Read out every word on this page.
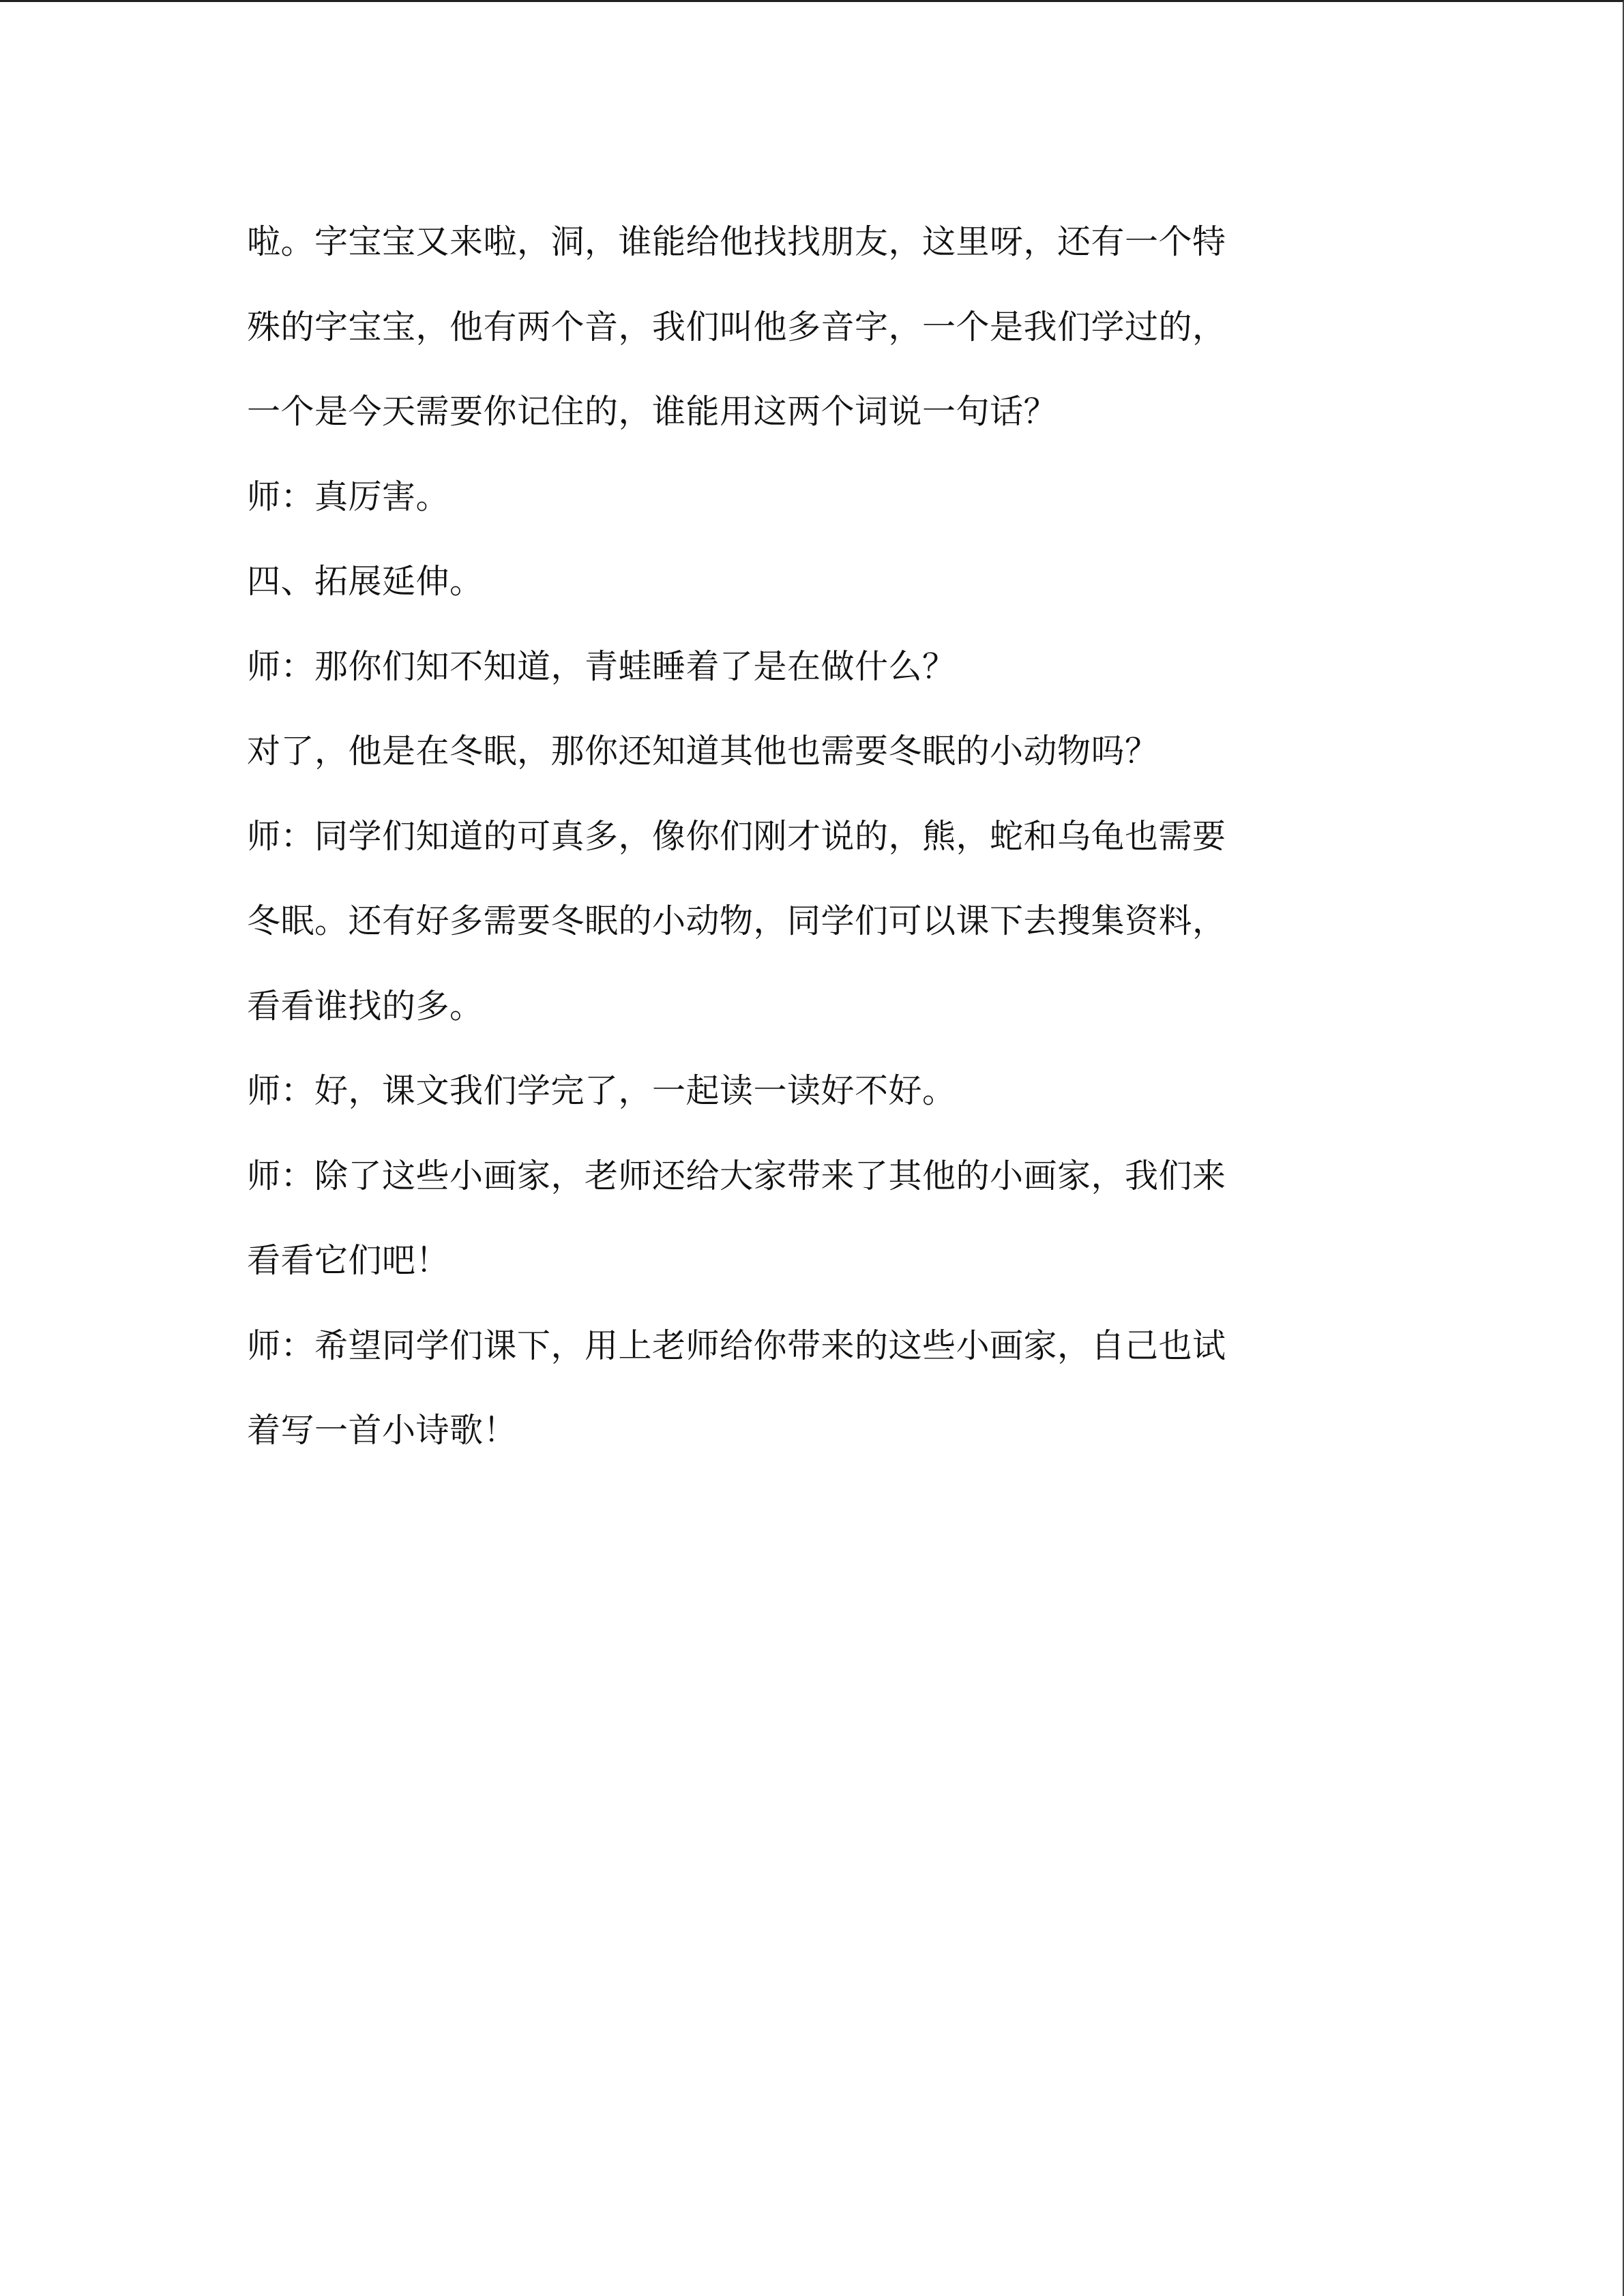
啦。字宝宝又来啦，洞，谁能给他找找朋友，这里呀，还有一个特
殊的字宝宝，他有两个音，我们叫他多音字，一个是我们学过的，
一个是今天需要你记住的，谁能用这两个词说一句话？
师：真厉害。
四、拓展延伸。
师：那你们知不知道，青蛙睡着了是在做什么？
对了，他是在冬眠，那你还知道其他也需要冬眠的小动物吗？
师：同学们知道的可真多，像你们刚才说的，熊，蛇和乌龟也需要
冬眠。还有好多需要冬眠的小动物，同学们可以课下去搜集资料，
看看谁找的多。
师：好，课文我们学完了，一起读一读好不好。
师：除了这些小画家，老师还给大家带来了其他的小画家，我们来
看看它们吧！
师：希望同学们课下，用上老师给你带来的这些小画家，自己也试
着写一首小诗歌！
